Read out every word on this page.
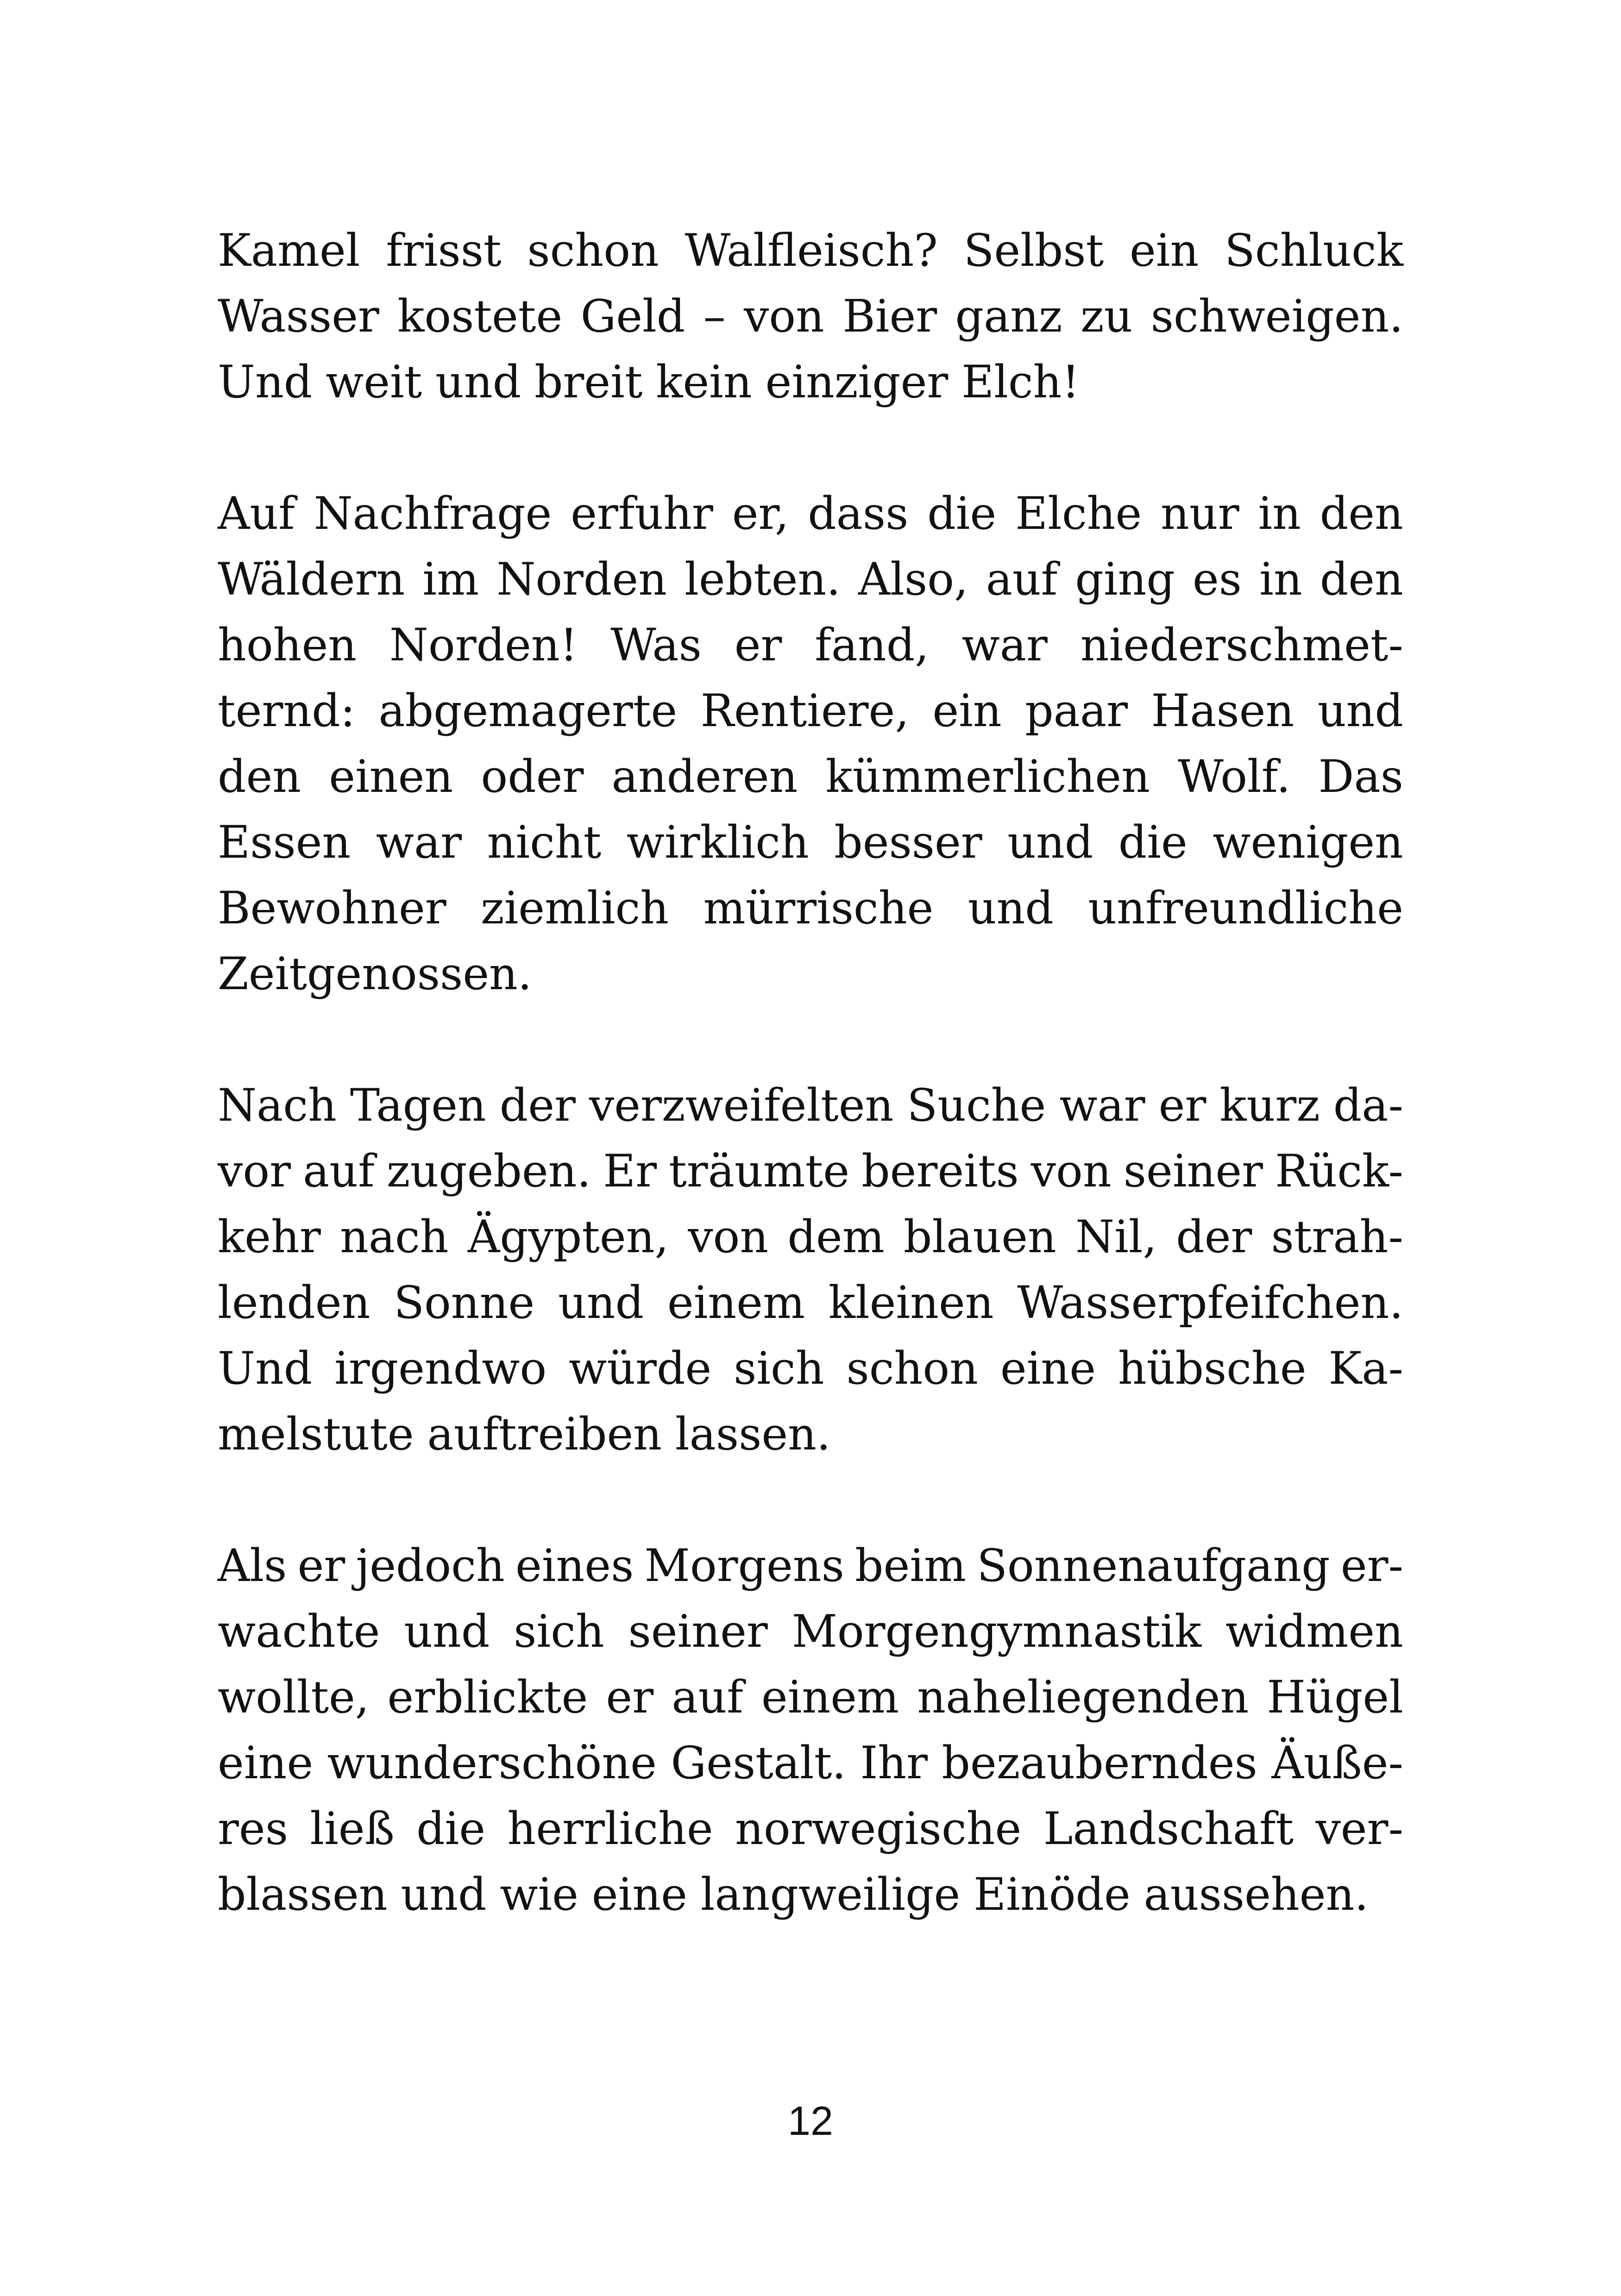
Kamel frisst schon Walfleisch? Selbst ein Schluck
Wasser kostete Geld – von Bier ganz zu schweigen.
Und weit und breit kein einziger Elch!
Auf Nachfrage erfuhr er, dass die Elche nur in den
Wäldern im Norden lebten. Also, auf ging es in den
hohen Norden! Was er fand, war niederschmet-
ternd: abgemagerte Rentiere, ein paar Hasen und
den einen oder anderen kümmerlichen Wolf. Das
Essen war nicht wirklich besser und die wenigen
Bewohner ziemlich mürrische und unfreundliche
Zeitgenossen.
Nach Tagen der verzweifelten Suche war er kurz da-
vor auf zugeben. Er träumte bereits von seiner Rück-
kehr nach Ägypten, von dem blauen Nil, der strah-
lenden Sonne und einem kleinen Wasserpfeifchen.
Und irgendwo würde sich schon eine hübsche Ka-
melstute auftreiben lassen.
Als er jedoch eines Morgens beim Sonnenaufgang er-
wachte und sich seiner Morgengymnastik widmen
wollte, erblickte er auf einem naheliegenden Hügel
eine wunderschöne Gestalt. Ihr bezauberndes Äuße-
res ließ die herrliche norwegische Landschaft ver-
blassen und wie eine langweilige Einöde aussehen.
12
